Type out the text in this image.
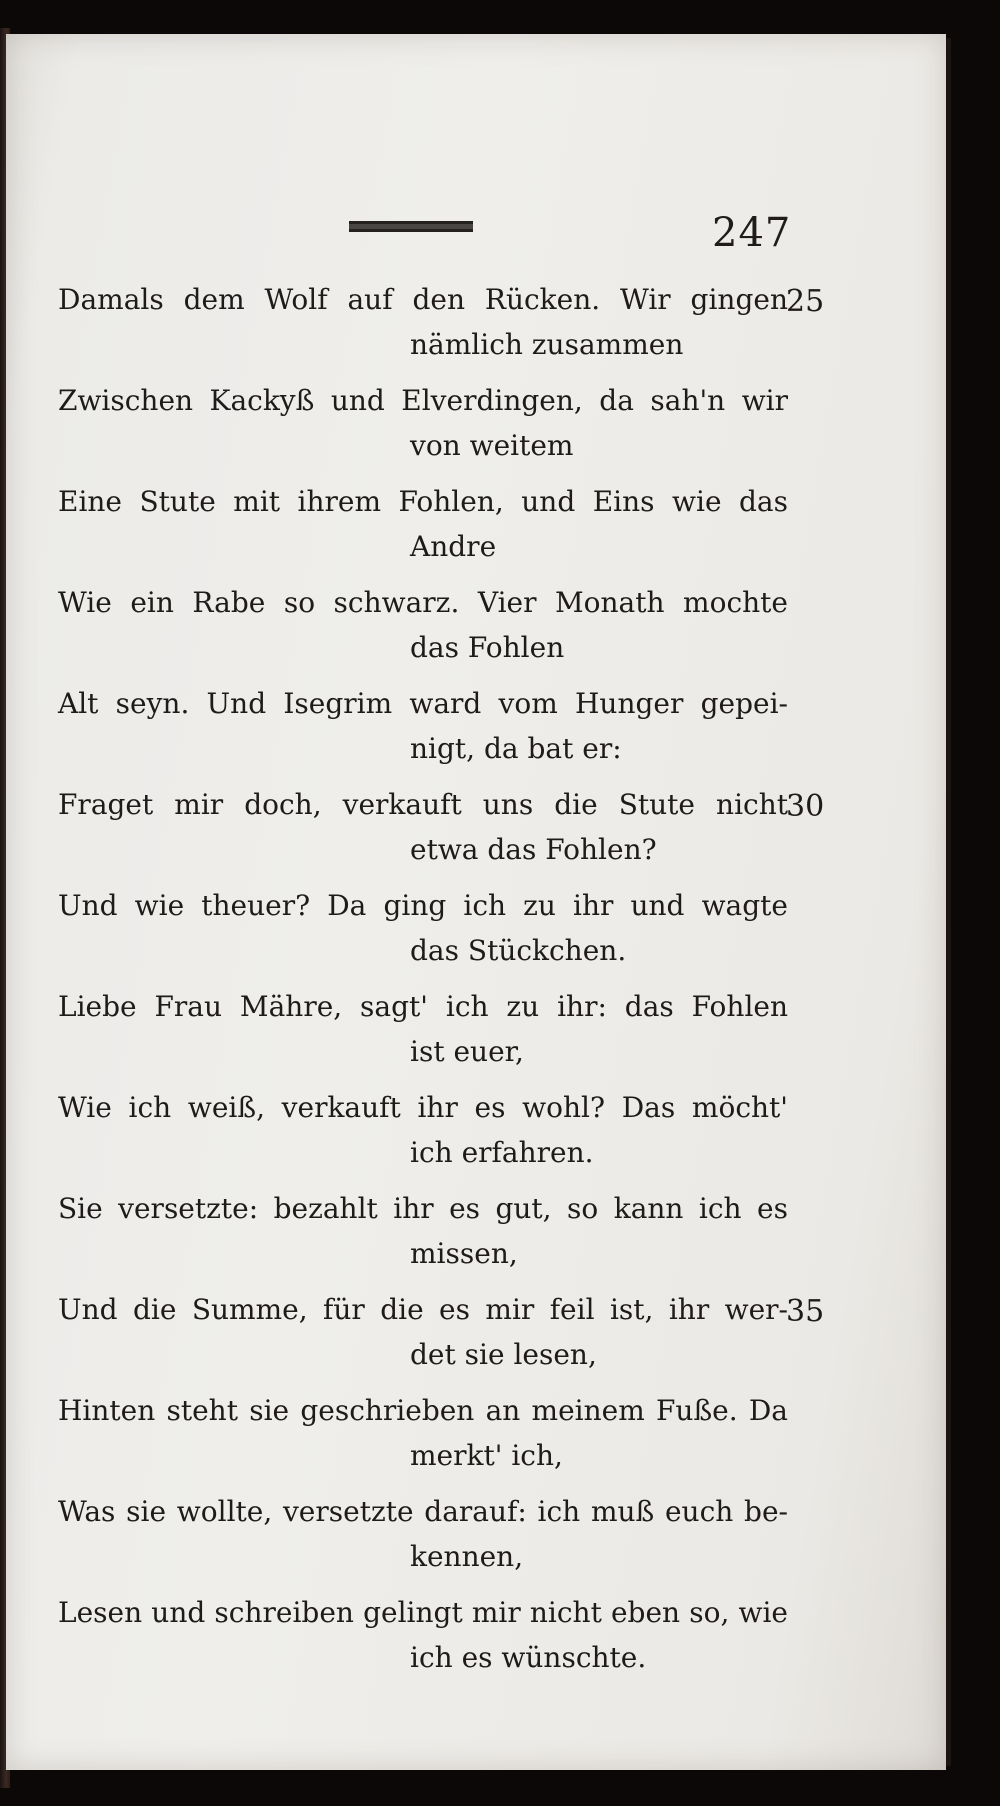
247
Damals dem Wolf auf den Rücken. Wir gingen
nämlich zusammen
25
Zwischen Kackyß und Elverdingen, da sah'n wir
von weitem
Eine Stute mit ihrem Fohlen, und Eins wie das
Andre
Wie ein Rabe so schwarz. Vier Monath mochte
das Fohlen
Alt seyn. Und Isegrim ward vom Hunger gepei-
nigt, da bat er:
Fraget mir doch, verkauft uns die Stute nicht
etwa das Fohlen?
30
Und wie theuer? Da ging ich zu ihr und wagte
das Stückchen.
Liebe Frau Mähre, sagt' ich zu ihr: das Fohlen
ist euer,
Wie ich weiß, verkauft ihr es wohl? Das möcht'
ich erfahren.
Sie versetzte: bezahlt ihr es gut, so kann ich es
missen,
Und die Summe, für die es mir feil ist, ihr wer-
det sie lesen,
35
Hinten steht sie geschrieben an meinem Fuße. Da
merkt' ich,
Was sie wollte, versetzte darauf: ich muß euch be-
kennen,
Lesen und schreiben gelingt mir nicht eben so, wie
ich es wünschte.
